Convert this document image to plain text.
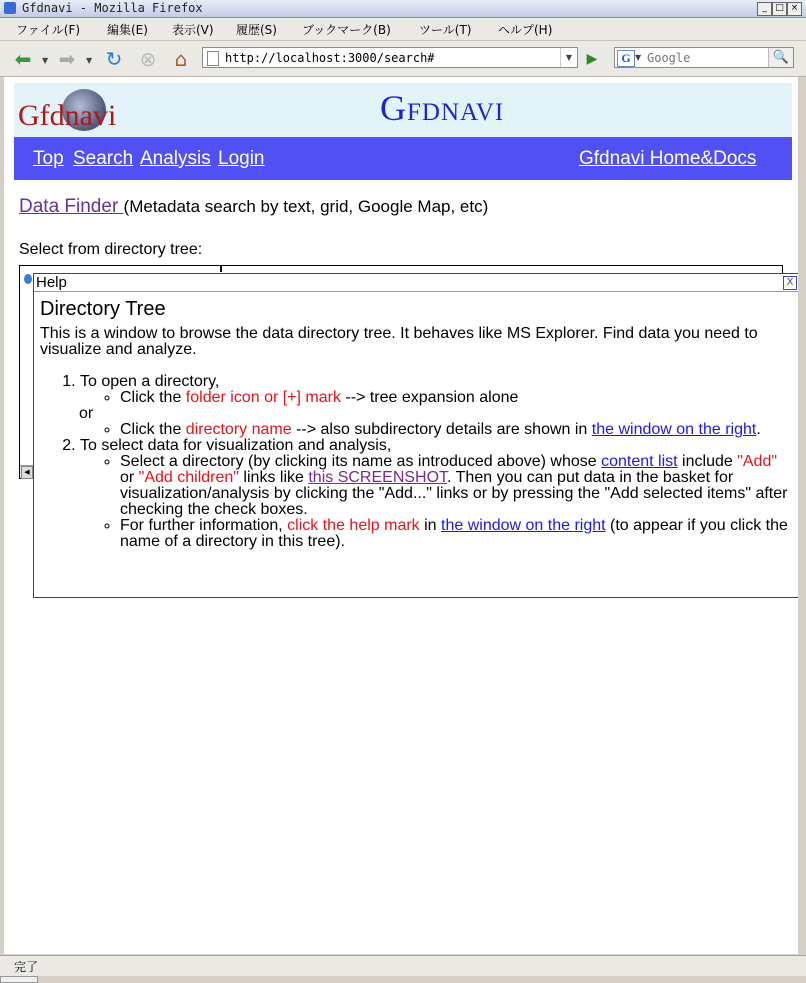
Gfdnavi - Mozilla Firefox	_ □ ×
ファイル(F) 編集(E) 表示(V) 履歴(S) ブックマーク(B) ツール(T) ヘルプ(H)
⬅	▼ ➡	▼ ↻ ⊗ ⌂
http://localhost:3000/search#	▼	▶	G ▼
Google	🔍
Gfdnavi	Gfdnavi
Top Search Analysis Login	Gfdnavi Home&Docs
Data Finder (Metadata search by text, grid, Google Map, etc)
Select from directory tree:
◀
Help	X
Directory Tree

This is a window to browse the data directory tree. It behaves like MS Explorer. Find data you need to visualize and analyze.

1. To open a directory,
◦ Click the folder icon or [+] mark --> tree expansion alone
or
◦ Click the directory name --> also subdirectory details are shown in the window on the right.
2. To select data for visualization and analysis,
◦ Select a directory (by clicking its name as introduced above) whose content list include "Add" or "Add children" links like this SCREENSHOT. Then you can put data in the basket for visualization/analysis by clicking the "Add..." links or by pressing the "Add selected items" after checking the check boxes.
◦ For further information, click the help mark in the window on the right (to appear if you click the name of a directory in this tree).
完了
